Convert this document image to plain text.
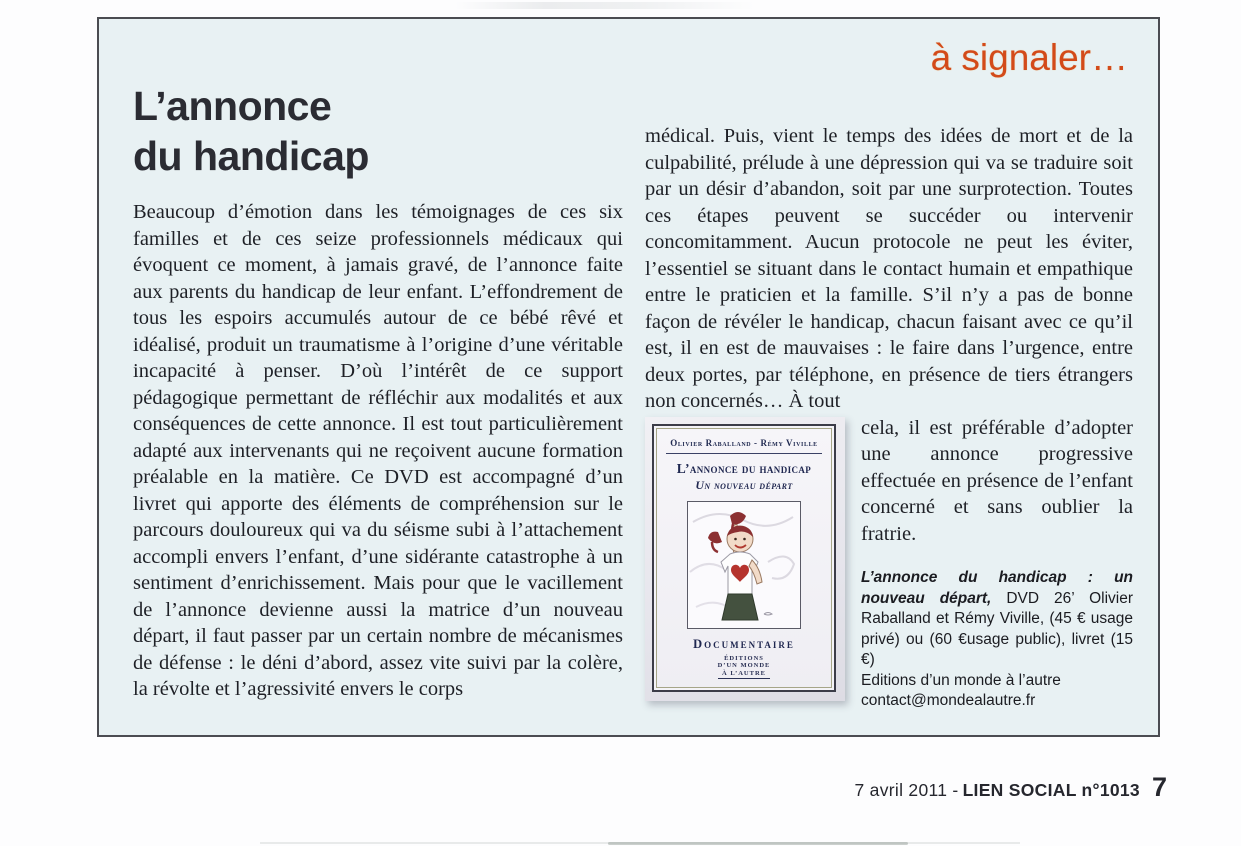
à signaler…
L’annonce
du handicap

Beaucoup d’émotion dans les témoignages de ces six familles et de ces seize professionnels médicaux qui évoquent ce moment, à jamais gravé, de l’annonce faite aux parents du handicap de leur enfant. L’effondrement de tous les espoirs accumulés autour de ce bébé rêvé et idéalisé, produit un traumatisme à l’origine d’une véritable incapacité à penser. D’où l’intérêt de ce support pédagogique permettant de réfléchir aux modalités et aux conséquences de cette annonce. Il est tout particulièrement adapté aux intervenants qui ne reçoivent aucune formation préalable en la matière. Ce DVD est accompagné d’un livret qui apporte des éléments de compréhension sur le parcours douloureux qui va du séisme subi à l’attachement accompli envers l’enfant, d’une sidérante catastrophe à un sentiment d’enrichissement. Mais pour que le vacillement de l’annonce devienne aussi la matrice d’un nouveau départ, il faut passer par un certain nombre de mécanismes de défense : le déni d’abord, assez vite suivi par la colère, la révolte et l’agressivité envers le corps

médical. Puis, vient le temps des idées de mort et de la culpabilité, prélude à une dépression qui va se traduire soit par un désir d’abandon, soit par une surprotection. Toutes ces étapes peuvent se succéder ou intervenir concomitamment. Aucun protocole ne peut les éviter, l’essentiel se situant dans le contact humain et empathique entre le praticien et la famille. S’il n’y a pas de bonne façon de révéler le handicap, chacun faisant avec ce qu’il est, il en est de mauvaises : le faire dans l’urgence, entre deux portes, par téléphone, en présence de tiers étrangers non concernés… À tout

Olivier Raballand - Rémy Viville
L’annonce du handicap
Un nouveau départ
Documentaire
ÉDITIONS
D’UN MONDE
À L’AUTRE

cela, il est préférable d’adopter une annonce progressive effectuée en présence de l’enfant concerné et sans oublier la fratrie.

L’annonce du handicap : un nouveau départ, DVD 26’ Olivier Raballand et Rémy Viville, (45 € usage privé) ou (60 €usage public), livret (15 €)

Editions d’un monde à l’autre
contact@mondealautre.fr
7 avril 2011 - LIEN SOCIAL n°1013 7
